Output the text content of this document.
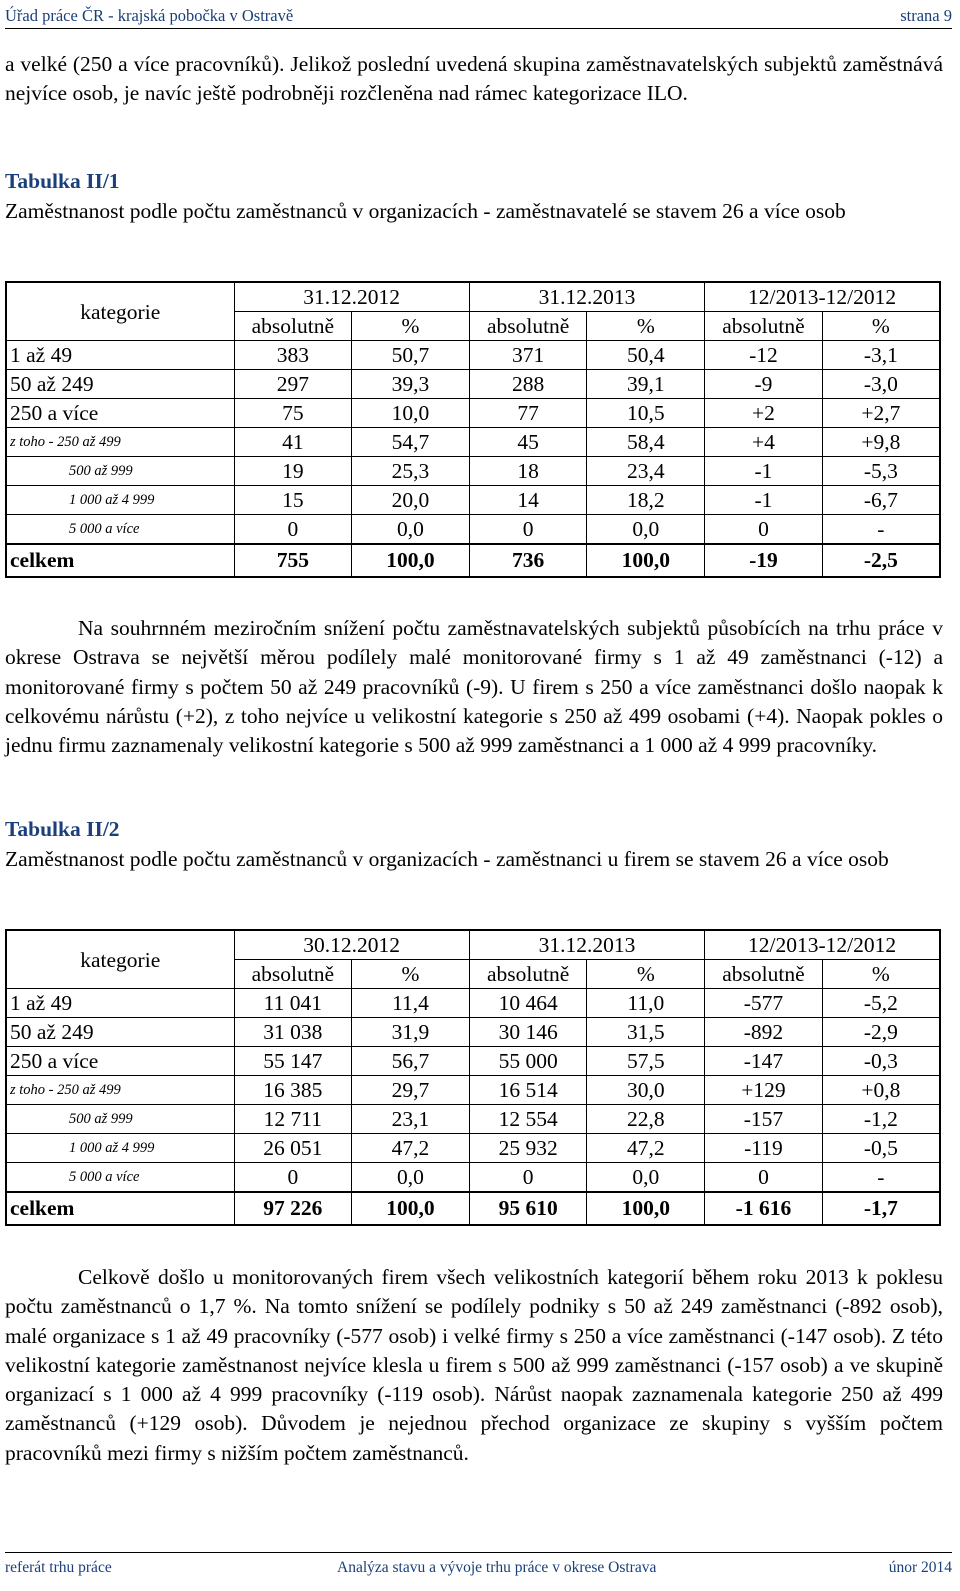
Úřad práce ČR - krajská pobočka v Ostravě	strana 9

a velké (250 a více pracovníků). Jelikož poslední uvedená skupina zaměstnavatelských subjektů zaměstnává nejvíce osob, je navíc ještě podrobněji rozčleněna nad rámec kategorizace ILO.

Tabulka II/1
Zaměstnanost podle počtu zaměstnanců v organizacích - zaměstnavatelé se stavem 26 a více osob
kategorie	31.12.2012		31.12.2013		12/2013-12/2012	
	absolutně	%	absolutně	%	absolutně	%
1 až 49	383	50,7	371	50,4	-12	-3,1
50 až 249	297	39,3	288	39,1	-9	-3,0
250 a více	75	10,0	77	10,5	+2	+2,7
z toho - 250 až 499	41	54,7	45	58,4	+4	+9,8
500 až 999	19	25,3	18	23,4	-1	-5,3
1 000 až 4 999	15	20,0	14	18,2	-1	-6,7
5 000 a více	0	0,0	0	0,0	0	-
celkem	755	100,0	736	100,0	-19	-2,5

Na souhrnném meziročním snížení počtu zaměstnavatelských subjektů působících na trhu práce v okrese Ostrava se největší měrou podílely malé monitorované firmy s 1 až 49 zaměstnanci (-12) a monitorované firmy s počtem 50 až 249 pracovníků (-9). U firem s 250 a více zaměstnanci došlo naopak k celkovému nárůstu (+2), z toho nejvíce u velikostní kategorie s 250 až 499 osobami (+4). Naopak pokles o jednu firmu zaznamenaly velikostní kategorie s 500 až 999 zaměstnanci a 1 000 až 4 999 pracovníky.

Tabulka II/2
Zaměstnanost podle počtu zaměstnanců v organizacích - zaměstnanci u firem se stavem 26 a více osob
kategorie	30.12.2012		31.12.2013		12/2013-12/2012	
	absolutně	%	absolutně	%	absolutně	%
1 až 49	11 041	11,4	10 464	11,0	-577	-5,2
50 až 249	31 038	31,9	30 146	31,5	-892	-2,9
250 a více	55 147	56,7	55 000	57,5	-147	-0,3
z toho - 250 až 499	16 385	29,7	16 514	30,0	+129	+0,8
500 až 999	12 711	23,1	12 554	22,8	-157	-1,2
1 000 až 4 999	26 051	47,2	25 932	47,2	-119	-0,5
5 000 a více	0	0,0	0	0,0	0	-
celkem	97 226	100,0	95 610	100,0	-1 616	-1,7

Celkově došlo u monitorovaných firem všech velikostních kategorií během roku 2013 k poklesu počtu zaměstnanců o 1,7 %. Na tomto snížení se podílely podniky s 50 až 249 zaměstnanci (-892 osob), malé organizace s 1 až 49 pracovníky (-577 osob) i velké firmy s 250 a více zaměstnanci (-147 osob). Z této velikostní kategorie zaměstnanost nejvíce klesla u firem s 500 až 999 zaměstnanci (-157 osob) a ve skupině organizací s 1 000 až 4 999 pracovníky (-119 osob). Nárůst naopak zaznamenala kategorie 250 až 499 zaměstnanců (+129 osob). Důvodem je nejednou přechod organizace ze skupiny s vyšším počtem pracovníků mezi firmy s nižším počtem zaměstnanců.

referát trhu práce	Analýza stavu a vývoje trhu práce v okrese Ostrava	únor 2014
